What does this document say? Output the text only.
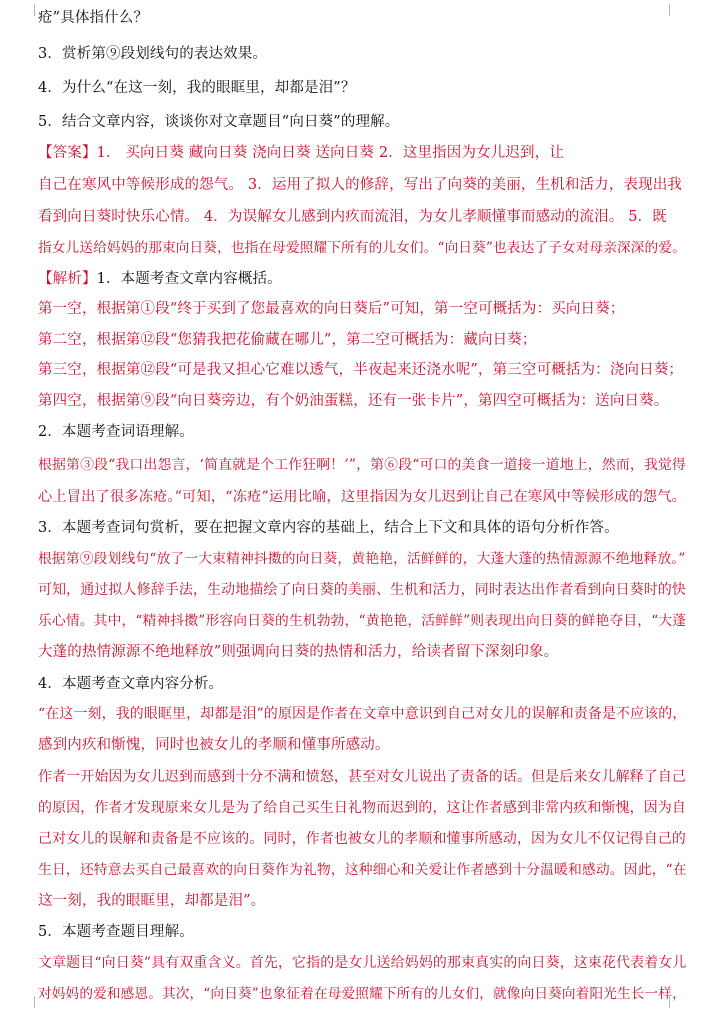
疮”具体指什么？
3．赏析第⑨段划线句的表达效果。
4．为什么“在这一刻，我的眼眶里，却都是泪”？
5．结合文章内容，谈谈你对文章题目“向日葵”的理解。
【答案】1． 买向日葵 藏向日葵 浇向日葵 送向日葵 2．这里指因为女儿迟到，让
自己在寒风中等候形成的怨气。 3．运用了拟人的修辞，写出了向葵的美丽，生机和活力，表现出我
看到向日葵时快乐心情。 4．为误解女儿感到内疚而流泪，为女儿孝顺懂事而感动的流泪。 5．既
指女儿送给妈妈的那束向日葵，也指在母爱照耀下所有的儿女们。“向日葵”也表达了子女对母亲深深的爱。
【解析】1．本题考查文章内容概括。
第一空，根据第①段“终于买到了您最喜欢的向日葵后”可知，第一空可概括为：买向日葵；
第二空，根据第⑫段“您猜我把花偷藏在哪儿”，第二空可概括为：藏向日葵；
第三空，根据第⑫段“可是我又担心它难以透气，半夜起来还浇水呢”，第三空可概括为：浇向日葵；
第四空，根据第⑨段“向日葵旁边，有个奶油蛋糕，还有一张卡片”，第四空可概括为：送向日葵。
2．本题考查词语理解。
根据第③段“我口出怨言，‘简直就是个工作狂啊！’”，第⑥段“可口的美食一道接一道地上，然而，我觉得
心上冒出了很多冻疮。”可知，“冻疮”运用比喻，这里指因为女儿迟到让自己在寒风中等候形成的怨气。
3．本题考查词句赏析，要在把握文章内容的基础上，结合上下文和具体的语句分析作答。
根据第⑨段划线句“放了一大束精神抖擞的向日葵，黄艳艳，活鲜鲜的，大蓬大蓬的热情源源不绝地释放。”
可知，通过拟人修辞手法，生动地描绘了向日葵的美丽、生机和活力，同时表达出作者看到向日葵时的快
乐心情。其中，“精神抖擞”形容向日葵的生机勃勃，“黄艳艳，活鲜鲜”则表现出向日葵的鲜艳夺目，“大蓬
大蓬的热情源源不绝地释放”则强调向日葵的热情和活力，给读者留下深刻印象。
4．本题考查文章内容分析。
“在这一刻，我的眼眶里，却都是泪”的原因是作者在文章中意识到自己对女儿的误解和责备是不应该的，
感到内疚和惭愧，同时也被女儿的孝顺和懂事所感动。
作者一开始因为女儿迟到而感到十分不满和愤怒，甚至对女儿说出了责备的话。但是后来女儿解释了自己
的原因，作者才发现原来女儿是为了给自己买生日礼物而迟到的，这让作者感到非常内疚和惭愧，因为自
己对女儿的误解和责备是不应该的。同时，作者也被女儿的孝顺和懂事所感动，因为女儿不仅记得自己的
生日，还特意去买自己最喜欢的向日葵作为礼物，这种细心和关爱让作者感到十分温暖和感动。因此，“在
这一刻，我的眼眶里，却都是泪”。
5．本题考查题目理解。
文章题目“向日葵”具有双重含义。首先，它指的是女儿送给妈妈的那束真实的向日葵，这束花代表着女儿
对妈妈的爱和感恩。其次，“向日葵”也象征着在母爱照耀下所有的儿女们，就像向日葵向着阳光生长一样，
